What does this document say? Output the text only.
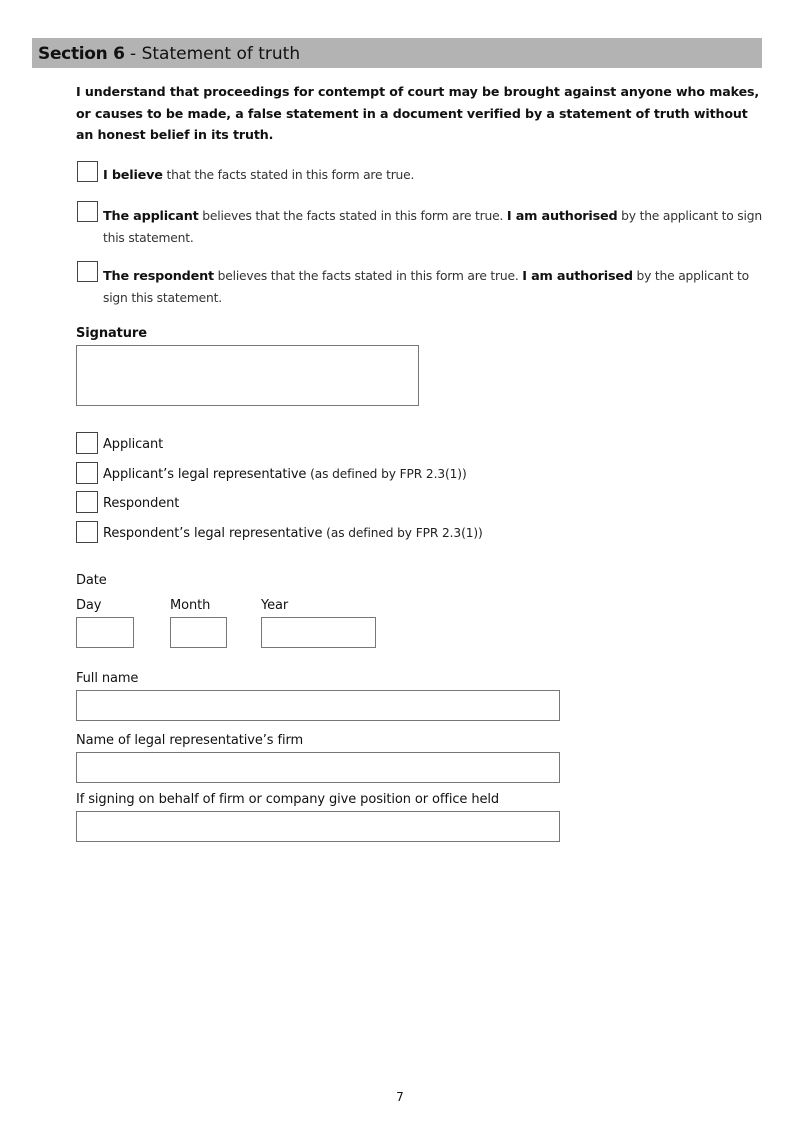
Section 6 - Statement of truth

I understand that proceedings for contempt of court may be brought against anyone who makes, or causes to be made, a false statement in a document verified by a statement of truth without an honest belief in its truth.

I believe that the facts stated in this form are true.
The applicant believes that the facts stated in this form are true. I am authorised by the applicant to sign this statement.
The respondent believes that the facts stated in this form are true. I am authorised by the applicant to sign this statement.
Signature
Applicant
Applicant’s legal representative (as defined by FPR 2.3(1))
Respondent
Respondent’s legal representative (as defined by FPR 2.3(1))
Date
Day	Month	Year
Full name
Name of legal representative’s firm
If signing on behalf of firm or company give position or office held
7
